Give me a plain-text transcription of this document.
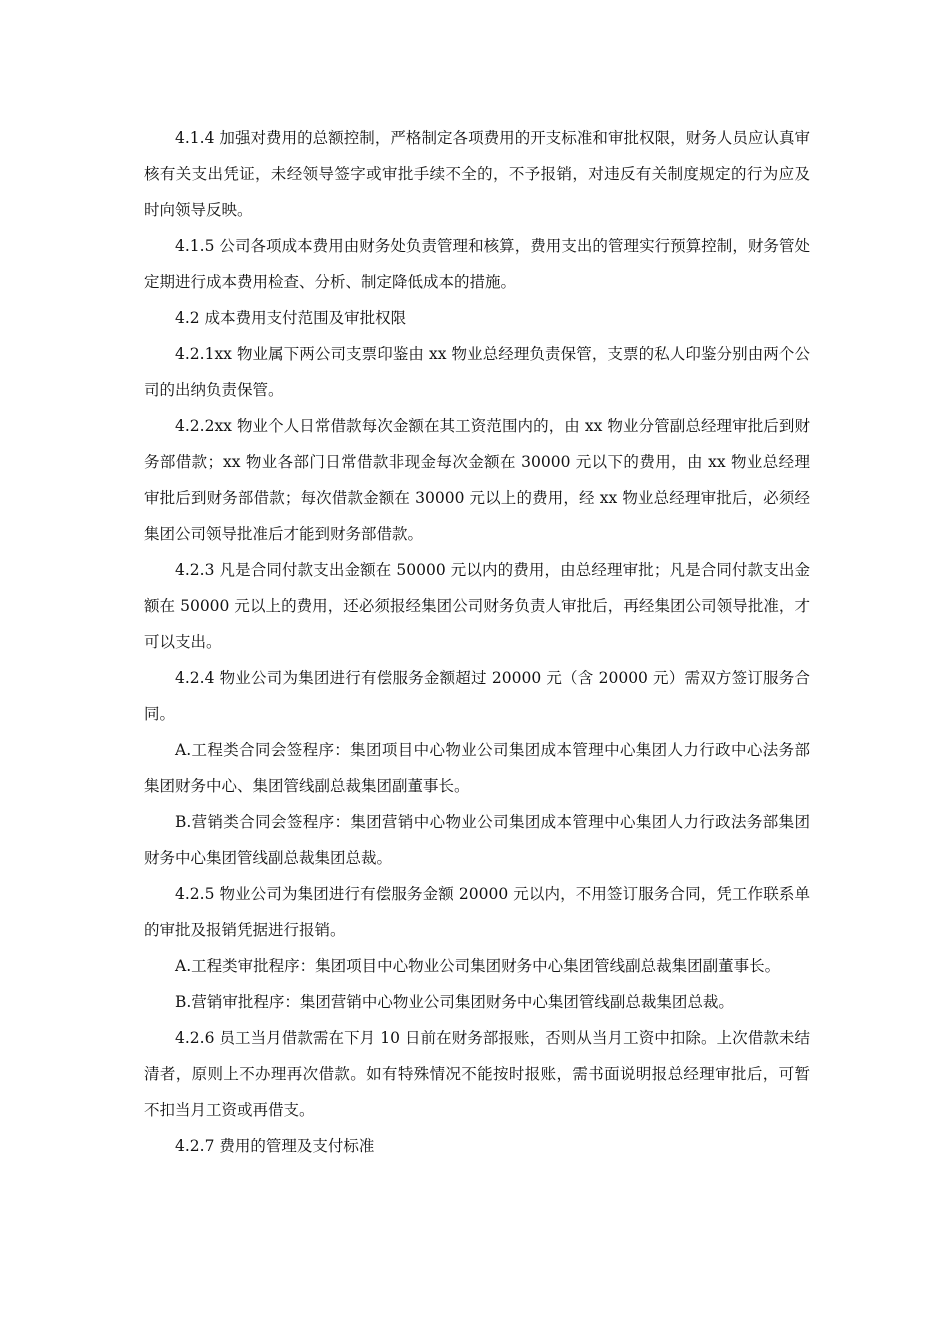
4.1.4 加强对费用的总额控制，严格制定各项费用的开支标准和审批权限，财务人员应认真审核有关支出凭证，未经领导签字或审批手续不全的，不予报销，对违反有关制度规定的行为应及时向领导反映。

4.1.5 公司各项成本费用由财务处负责管理和核算，费用支出的管理实行预算控制，财务管处定期进行成本费用检查、分析、制定降低成本的措施。

4.2 成本费用支付范围及审批权限

4.2.1xx 物业属下两公司支票印鉴由 xx 物业总经理负责保管，支票的私人印鉴分别由两个公司的出纳负责保管。

4.2.2xx 物业个人日常借款每次金额在其工资范围内的，由 xx 物业分管副总经理审批后到财务部借款；xx 物业各部门日常借款非现金每次金额在 30000 元以下的费用，由 xx 物业总经理审批后到财务部借款；每次借款金额在 30000 元以上的费用，经 xx 物业总经理审批后，必须经集团公司领导批准后才能到财务部借款。

4.2.3 凡是合同付款支出金额在 50000 元以内的费用，由总经理审批；凡是合同付款支出金额在 50000 元以上的费用，还必须报经集团公司财务负责人审批后，再经集团公司领导批准，才可以支出。

4.2.4 物业公司为集团进行有偿服务金额超过 20000 元（含 20000 元）需双方签订服务合同。

A.工程类合同会签程序：集团项目中心物业公司集团成本管理中心集团人力行政中心法务部集团财务中心、集团管线副总裁集团副董事长。

B.营销类合同会签程序：集团营销中心物业公司集团成本管理中心集团人力行政法务部集团财务中心集团管线副总裁集团总裁。

4.2.5 物业公司为集团进行有偿服务金额 20000 元以内，不用签订服务合同，凭工作联系单的审批及报销凭据进行报销。

A.工程类审批程序：集团项目中心物业公司集团财务中心集团管线副总裁集团副董事长。

B.营销审批程序：集团营销中心物业公司集团财务中心集团管线副总裁集团总裁。

4.2.6 员工当月借款需在下月 10 日前在财务部报账，否则从当月工资中扣除。上次借款未结清者，原则上不办理再次借款。如有特殊情况不能按时报账，需书面说明报总经理审批后，可暂不扣当月工资或再借支。

4.2.7 费用的管理及支付标准
